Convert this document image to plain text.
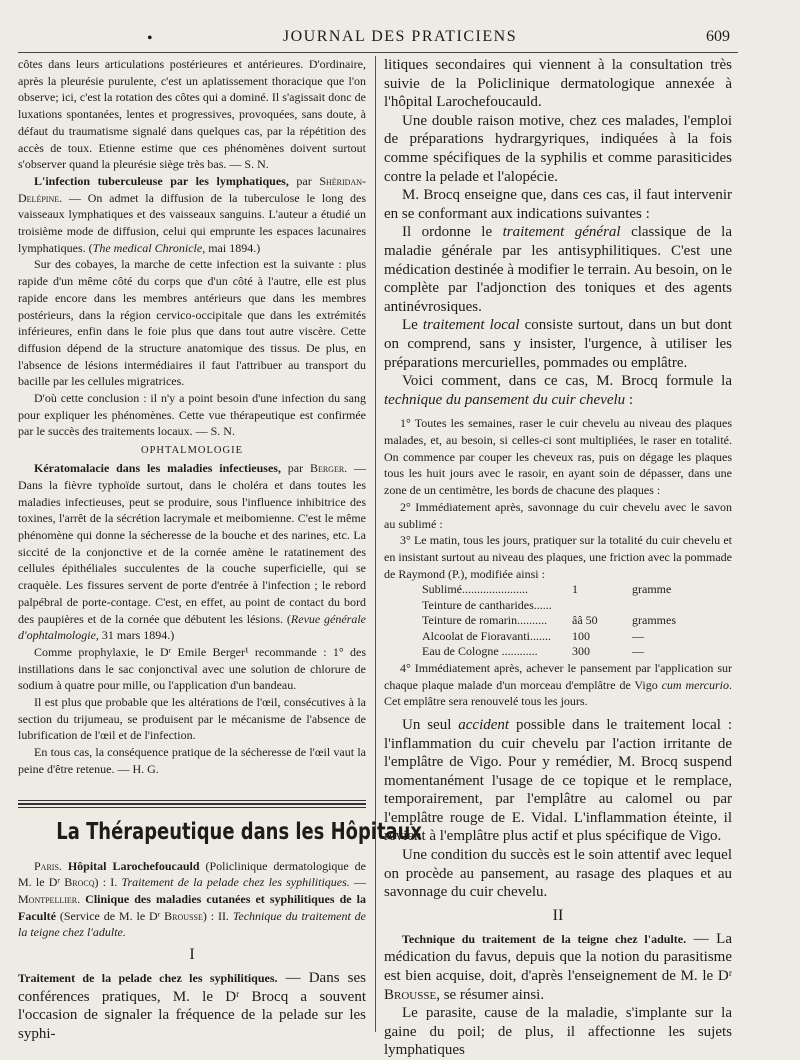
•	JOURNAL DES PRATICIENS	609

côtes dans leurs articulations postérieures et antérieures. D'ordinaire, après la pleurésie purulente, c'est un aplatissement thoracique que l'on observe; ici, c'est la rotation des côtes qui a dominé. Il s'agissait donc de luxations spontanées, lentes et progressives, provoquées, sans doute, à défaut du traumatisme signalé dans quelques cas, par la répétition des accès de toux. Etienne estime que ces phénomènes doivent surtout s'observer quand la pleurésie siège très bas. — S. N.

L'infection tuberculeuse par les lymphatiques, par Shéridan-Delépine. — On admet la diffusion de la tuberculose le long des vaisseaux lymphatiques et des vaisseaux sanguins. L'auteur a étudié un troisième mode de diffusion, celui qui emprunte les espaces lacunaires lymphatiques. (The medical Chronicle, mai 1894.)

Sur des cobayes, la marche de cette infection est la suivante : plus rapide d'un même côté du corps que d'un côté à l'autre, elle est plus rapide encore dans les membres antérieurs que dans les membres postérieurs, dans la région cervico-occipitale que dans les extrémités inférieures, enfin dans le foie plus que dans tout autre viscère. Cette diffusion dépend de la structure anatomique des tissus. De plus, en l'absence de lésions intermédiaires il faut l'attribuer au transport du bacille par les cellules migratrices.

D'où cette conclusion : il n'y a point besoin d'une infection du sang pour expliquer les phénomènes. Cette vue thérapeutique est confirmée par le succès des traitements locaux. — S. N.

OPHTALMOLOGIE

Kératomalacie dans les maladies infectieuses, par Berger. — Dans la fièvre typhoïde surtout, dans le choléra et dans toutes les maladies infectieuses, peut se produire, sous l'influence inhibitrice des toxines, l'arrêt de la sécrétion lacrymale et meibomienne. C'est le même phénomène qui donne la sécheresse de la bouche et des narines, etc. La siccité de la conjonctive et de la cornée amène le ratatinement des cellules épithéliales succulentes de la couche superficielle, qui se craquèle. Les fissures servent de porte d'entrée à l'infection ; le rebord palpébral de porte-contage. C'est, en effet, au point de contact du bord des paupières et de la cornée que débutent les lésions. (Revue générale d'ophtalmologie, 31 mars 1894.)

Comme prophylaxie, le Dʳ Emile Berger¹ recommande : 1° des instillations dans le sac conjonctival avec une solution de chlorure de sodium à quatre pour mille, ou l'application d'un bandeau.

Il est plus que probable que les altérations de l'œil, consécutives à la section du trijumeau, se produisent par le mécanisme de l'absence de lubrification de l'œil et de l'infection.

En tous cas, la conséquence pratique de la sécheresse de l'œil vaut la peine d'être retenue. — H. G.

La Thérapeutique dans les Hôpitaux

Paris. Hôpital Larochefoucauld (Policlinique dermatologique de M. le Dʳ Brocq) : I. Traitement de la pelade chez les syphilitiques. — Montpellier. Clinique des maladies cutanées et syphilitiques de la Faculté (Service de M. le Dʳ Brousse) : II. Technique du traitement de la teigne chez l'adulte.

I

Traitement de la pelade chez les syphilitiques. — Dans ses conférences pratiques, M. le Dʳ Brocq a souvent l'occasion de signaler la fréquence de la pelade sur les syphi-

litiques secondaires qui viennent à la consultation très suivie de la Policlinique dermatologique annexée à l'hôpital Larochefoucauld.

Une double raison motive, chez ces malades, l'emploi de préparations hydrargyriques, indiquées à la fois comme spécifiques de la syphilis et comme parasiticides contre la pelade et l'alopécie.

M. Brocq enseigne que, dans ces cas, il faut intervenir en se conformant aux indications suivantes :

Il ordonne le traitement général classique de la maladie générale par les antisyphilitiques. C'est une médication destinée à modifier le terrain. Au besoin, on le complète par l'adjonction des toniques et des agents antinévrosiques.

Le traitement local consiste surtout, dans un but dont on comprend, sans y insister, l'urgence, à utiliser les préparations mercurielles, pommades ou emplâtre.

Voici comment, dans ce cas, M. Brocq formule la technique du pansement du cuir chevelu :

1° Toutes les semaines, raser le cuir chevelu au niveau des plaques malades, et, au besoin, si celles-ci sont multipliées, le raser en totalité. On commence par couper les cheveux ras, puis on dégage les plaques tous les huit jours avec le rasoir, en ayant soin de dépasser, dans une zone de un centimètre, les bords de chacune des plaques :

2° Immédiatement après, savonnage du cuir chevelu avec le savon au sublimé :

3° Le matin, tous les jours, pratiquer sur la totalité du cuir chevelu et en insistant surtout au niveau des plaques, une friction avec la pommade de Raymond (P.), modifiée ainsi :

Sublimé......................	1	gramme
Teinture de cantharides......
Teinture de romarin..........	ââ 50	grammes
Alcoolat de Fioravanti.......	100	—
Eau de Cologne ............	300	—

4° Immédiatement après, achever le pansement par l'application sur chaque plaque malade d'un morceau d'emplâtre de Vigo cum mercurio. Cet emplâtre sera renouvelé tous les jours.

Un seul accident possible dans le traitement local : l'inflammation du cuir chevelu par l'action irritante de l'emplâtre de Vigo. Pour y remédier, M. Brocq suspend momentanément l'usage de ce topique et le remplace, temporairement, par l'emplâtre au calomel ou par l'emplâtre rouge de E. Vidal. L'inflammation éteinte, il revient à l'emplâtre plus actif et plus spécifique de Vigo.

Une condition du succès est le soin attentif avec lequel on procède au pansement, au rasage des plaques et au savonnage du cuir chevelu.

II

Technique du traitement de la teigne chez l'adulte. — La médication du favus, depuis que la notion du parasitisme est bien acquise, doit, d'après l'enseignement de M. le Dʳ Brousse, se résumer ainsi.

Le parasite, cause de la maladie, s'implante sur la gaine du poil; de plus, il affectionne les sujets lymphatiques
